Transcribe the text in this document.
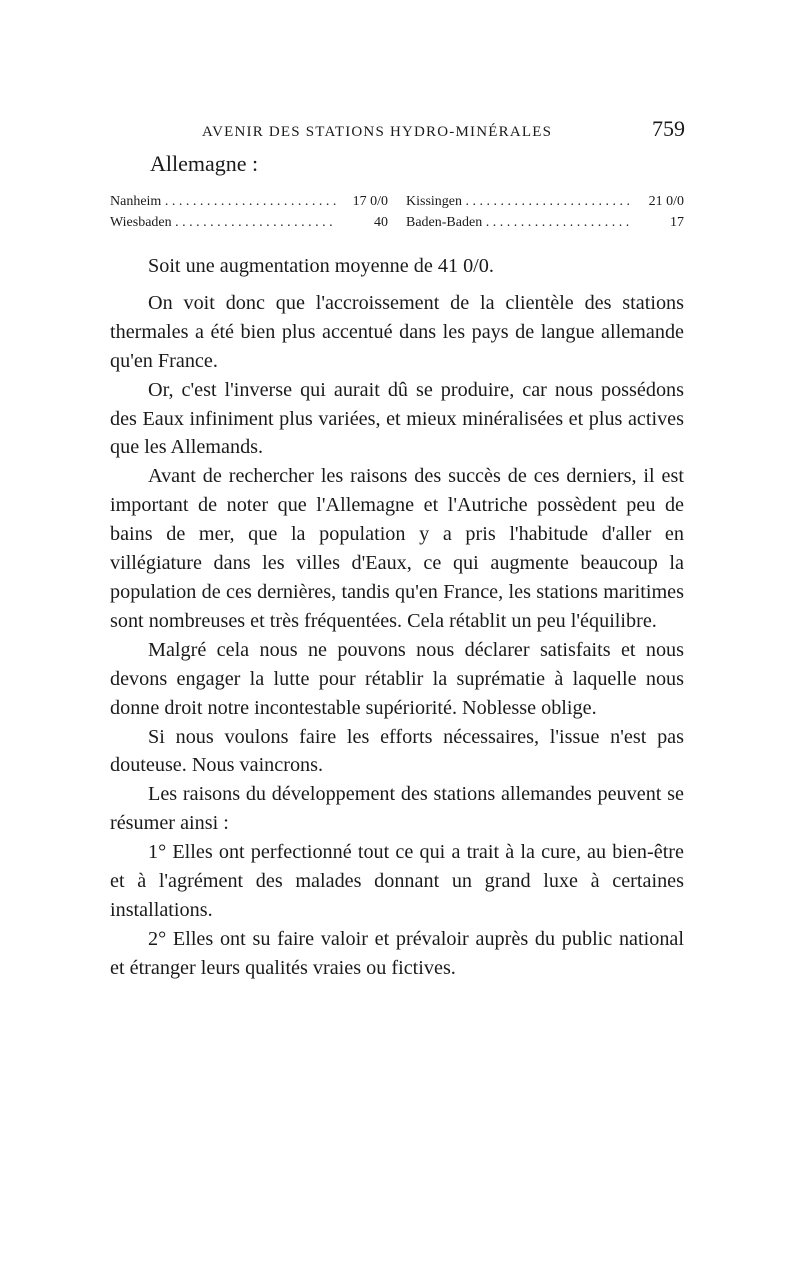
AVENIR DES STATIONS HYDRO-MINÉRALES	759
Allemagne :
Nanheim . . .	17 0/0 Kissingen . . .	21 0/0
Wiesbaden . . .	40 Baden-Baden . . .	17

Soit une augmentation moyenne de 41 0/0.

On voit donc que l'accroissement de la clientèle des stations thermales a été bien plus accentué dans les pays de langue allemande qu'en France.

Or, c'est l'inverse qui aurait dû se produire, car nous possédons des Eaux infiniment plus variées, et mieux minéralisées et plus actives que les Allemands.

Avant de rechercher les raisons des succès de ces derniers, il est important de noter que l'Allemagne et l'Autriche possèdent peu de bains de mer, que la population y a pris l'habitude d'aller en villégiature dans les villes d'Eaux, ce qui augmente beaucoup la population de ces dernières, tandis qu'en France, les stations maritimes sont nombreuses et très fréquentées. Cela rétablit un peu l'équilibre.

Malgré cela nous ne pouvons nous déclarer satisfaits et nous devons engager la lutte pour rétablir la suprématie à laquelle nous donne droit notre incontestable supériorité. Noblesse oblige.

Si nous voulons faire les efforts nécessaires, l'issue n'est pas douteuse. Nous vaincrons.

Les raisons du développement des stations allemandes peuvent se résumer ainsi :

1° Elles ont perfectionné tout ce qui a trait à la cure, au bien-être et à l'agrément des malades donnant un grand luxe à certaines installations.

2° Elles ont su faire valoir et prévaloir auprès du public national et étranger leurs qualités vraies ou fictives.
